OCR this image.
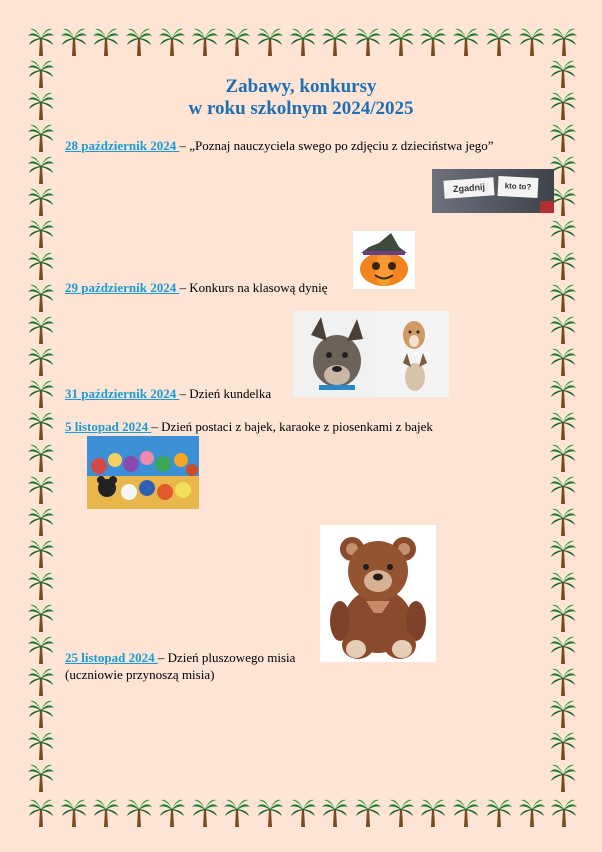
Zabawy, konkursy
w roku szkolnym 2024/2025
28 październik 2024 – „Poznaj nauczyciela swego po zdjęciu z dzieciństwa jego”
Zgadnij	kto to?
29 październik 2024 – Konkurs na klasową dynię
31 październik 2024 – Dzień kundelka
5 listopad 2024 – Dzień postaci z bajek, karaoke z piosenkami z bajek
25 listopad 2024 – Dzień pluszowego misia
(uczniowie przynoszą misia)
